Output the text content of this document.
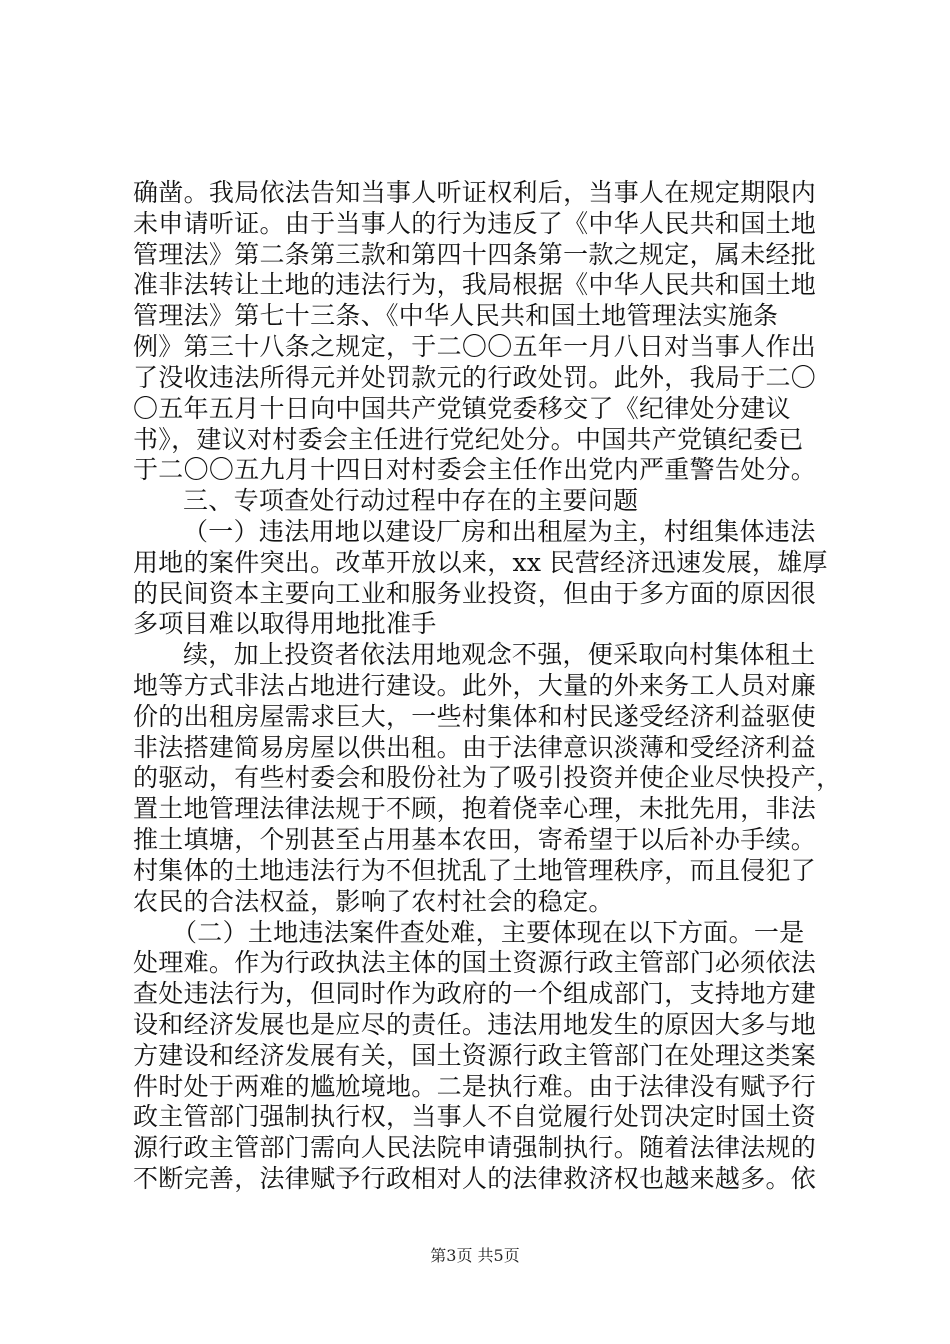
确凿。我局依法告知当事人听证权利后，当事人在规定期限内
未申请听证。由于当事人的行为违反了《中华人民共和国土地
管理法》第二条第三款和第四十四条第一款之规定，属未经批
准非法转让土地的违法行为，我局根据《中华人民共和国土地
管理法》第七十三条、《中华人民共和国土地管理法实施条
例》第三十八条之规定，于二〇〇五年一月八日对当事人作出
了没收违法所得元并处罚款元的行政处罚。此外，我局于二〇
〇五年五月十日向中国共产党镇党委移交了《纪律处分建议
书》，建议对村委会主任进行党纪处分。中国共产党镇纪委已
于二〇〇五九月十四日对村委会主任作出党内严重警告处分。
三、专项查处行动过程中存在的主要问题
（一）违法用地以建设厂房和出租屋为主，村组集体违法
用地的案件突出。改革开放以来，xx 民营经济迅速发展，雄厚
的民间资本主要向工业和服务业投资，但由于多方面的原因很
多项目难以取得用地批准手
续，加上投资者依法用地观念不强，便采取向村集体租土
地等方式非法占地进行建设。此外，大量的外来务工人员对廉
价的出租房屋需求巨大，一些村集体和村民遂受经济利益驱使
非法搭建简易房屋以供出租。由于法律意识淡薄和受经济利益
的驱动，有些村委会和股份社为了吸引投资并使企业尽快投产，
置土地管理法律法规于不顾，抱着侥幸心理，未批先用，非法
推土填塘，个别甚至占用基本农田，寄希望于以后补办手续。
村集体的土地违法行为不但扰乱了土地管理秩序，而且侵犯了
农民的合法权益，影响了农村社会的稳定。
（二）土地违法案件查处难，主要体现在以下方面。一是
处理难。作为行政执法主体的国土资源行政主管部门必须依法
查处违法行为，但同时作为政府的一个组成部门，支持地方建
设和经济发展也是应尽的责任。违法用地发生的原因大多与地
方建设和经济发展有关，国土资源行政主管部门在处理这类案
件时处于两难的尴尬境地。二是执行难。由于法律没有赋予行
政主管部门强制执行权，当事人不自觉履行处罚决定时国土资
源行政主管部门需向人民法院申请强制执行。随着法律法规的
不断完善，法律赋予行政相对人的法律救济权也越来越多。依
第3页 共5页
